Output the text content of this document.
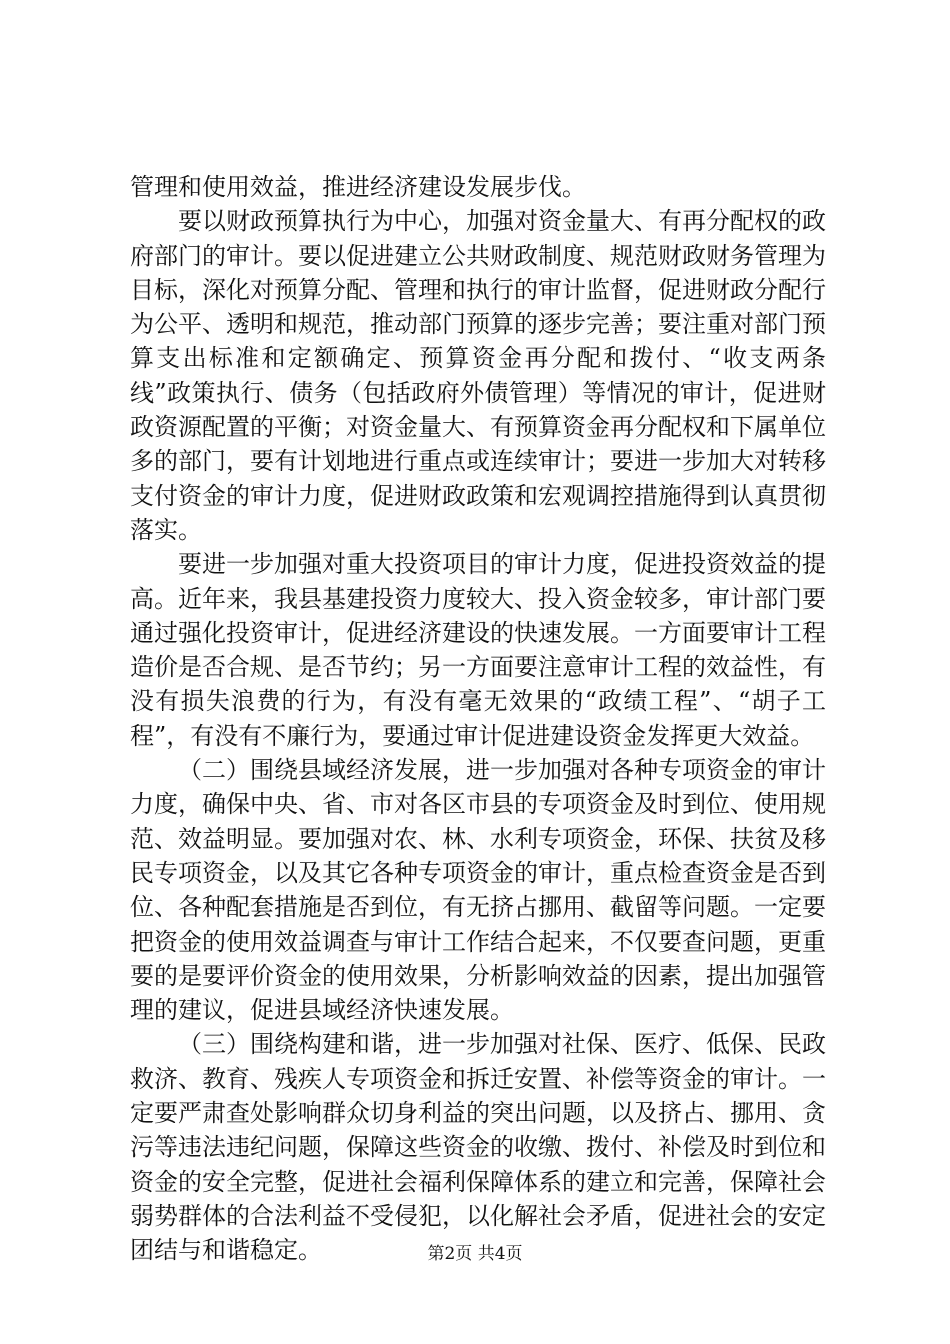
管理和使用效益，推进经济建设发展步伐。

要以财政预算执行为中心，加强对资金量大、有再分配权的政府部门的审计。要以促进建立公共财政制度、规范财政财务管理为目标，深化对预算分配、管理和执行的审计监督，促进财政分配行为公平、透明和规范，推动部门预算的逐步完善；要注重对部门预算支出标准和定额确定、预算资金再分配和拨付、“收支两条线”政策执行、债务（包括政府外债管理）等情况的审计，促进财政资源配置的平衡；对资金量大、有预算资金再分配权和下属单位多的部门，要有计划地进行重点或连续审计；要进一步加大对转移支付资金的审计力度，促进财政政策和宏观调控措施得到认真贯彻落实。

要进一步加强对重大投资项目的审计力度，促进投资效益的提高。近年来，我县基建投资力度较大、投入资金较多，审计部门要通过强化投资审计，促进经济建设的快速发展。一方面要审计工程造价是否合规、是否节约；另一方面要注意审计工程的效益性，有没有损失浪费的行为，有没有毫无效果的“政绩工程”、“胡子工程”，有没有不廉行为，要通过审计促进建设资金发挥更大效益。

（二）围绕县域经济发展，进一步加强对各种专项资金的审计力度，确保中央、省、市对各区市县的专项资金及时到位、使用规范、效益明显。要加强对农、林、水利专项资金，环保、扶贫及移民专项资金，以及其它各种专项资金的审计，重点检查资金是否到位、各种配套措施是否到位，有无挤占挪用、截留等问题。一定要把资金的使用效益调查与审计工作结合起来，不仅要查问题，更重要的是要评价资金的使用效果，分析影响效益的因素，提出加强管理的建议，促进县域经济快速发展。

（三）围绕构建和谐，进一步加强对社保、医疗、低保、民政救济、教育、残疾人专项资金和拆迁安置、补偿等资金的审计。一定要严肃查处影响群众切身利益的突出问题，以及挤占、挪用、贪污等违法违纪问题，保障这些资金的收缴、拨付、补偿及时到位和资金的安全完整，促进社会福利保障体系的建立和完善，保障社会弱势群体的合法利益不受侵犯，以化解社会矛盾，促进社会的安定团结与和谐稳定。	第2页 共4页
